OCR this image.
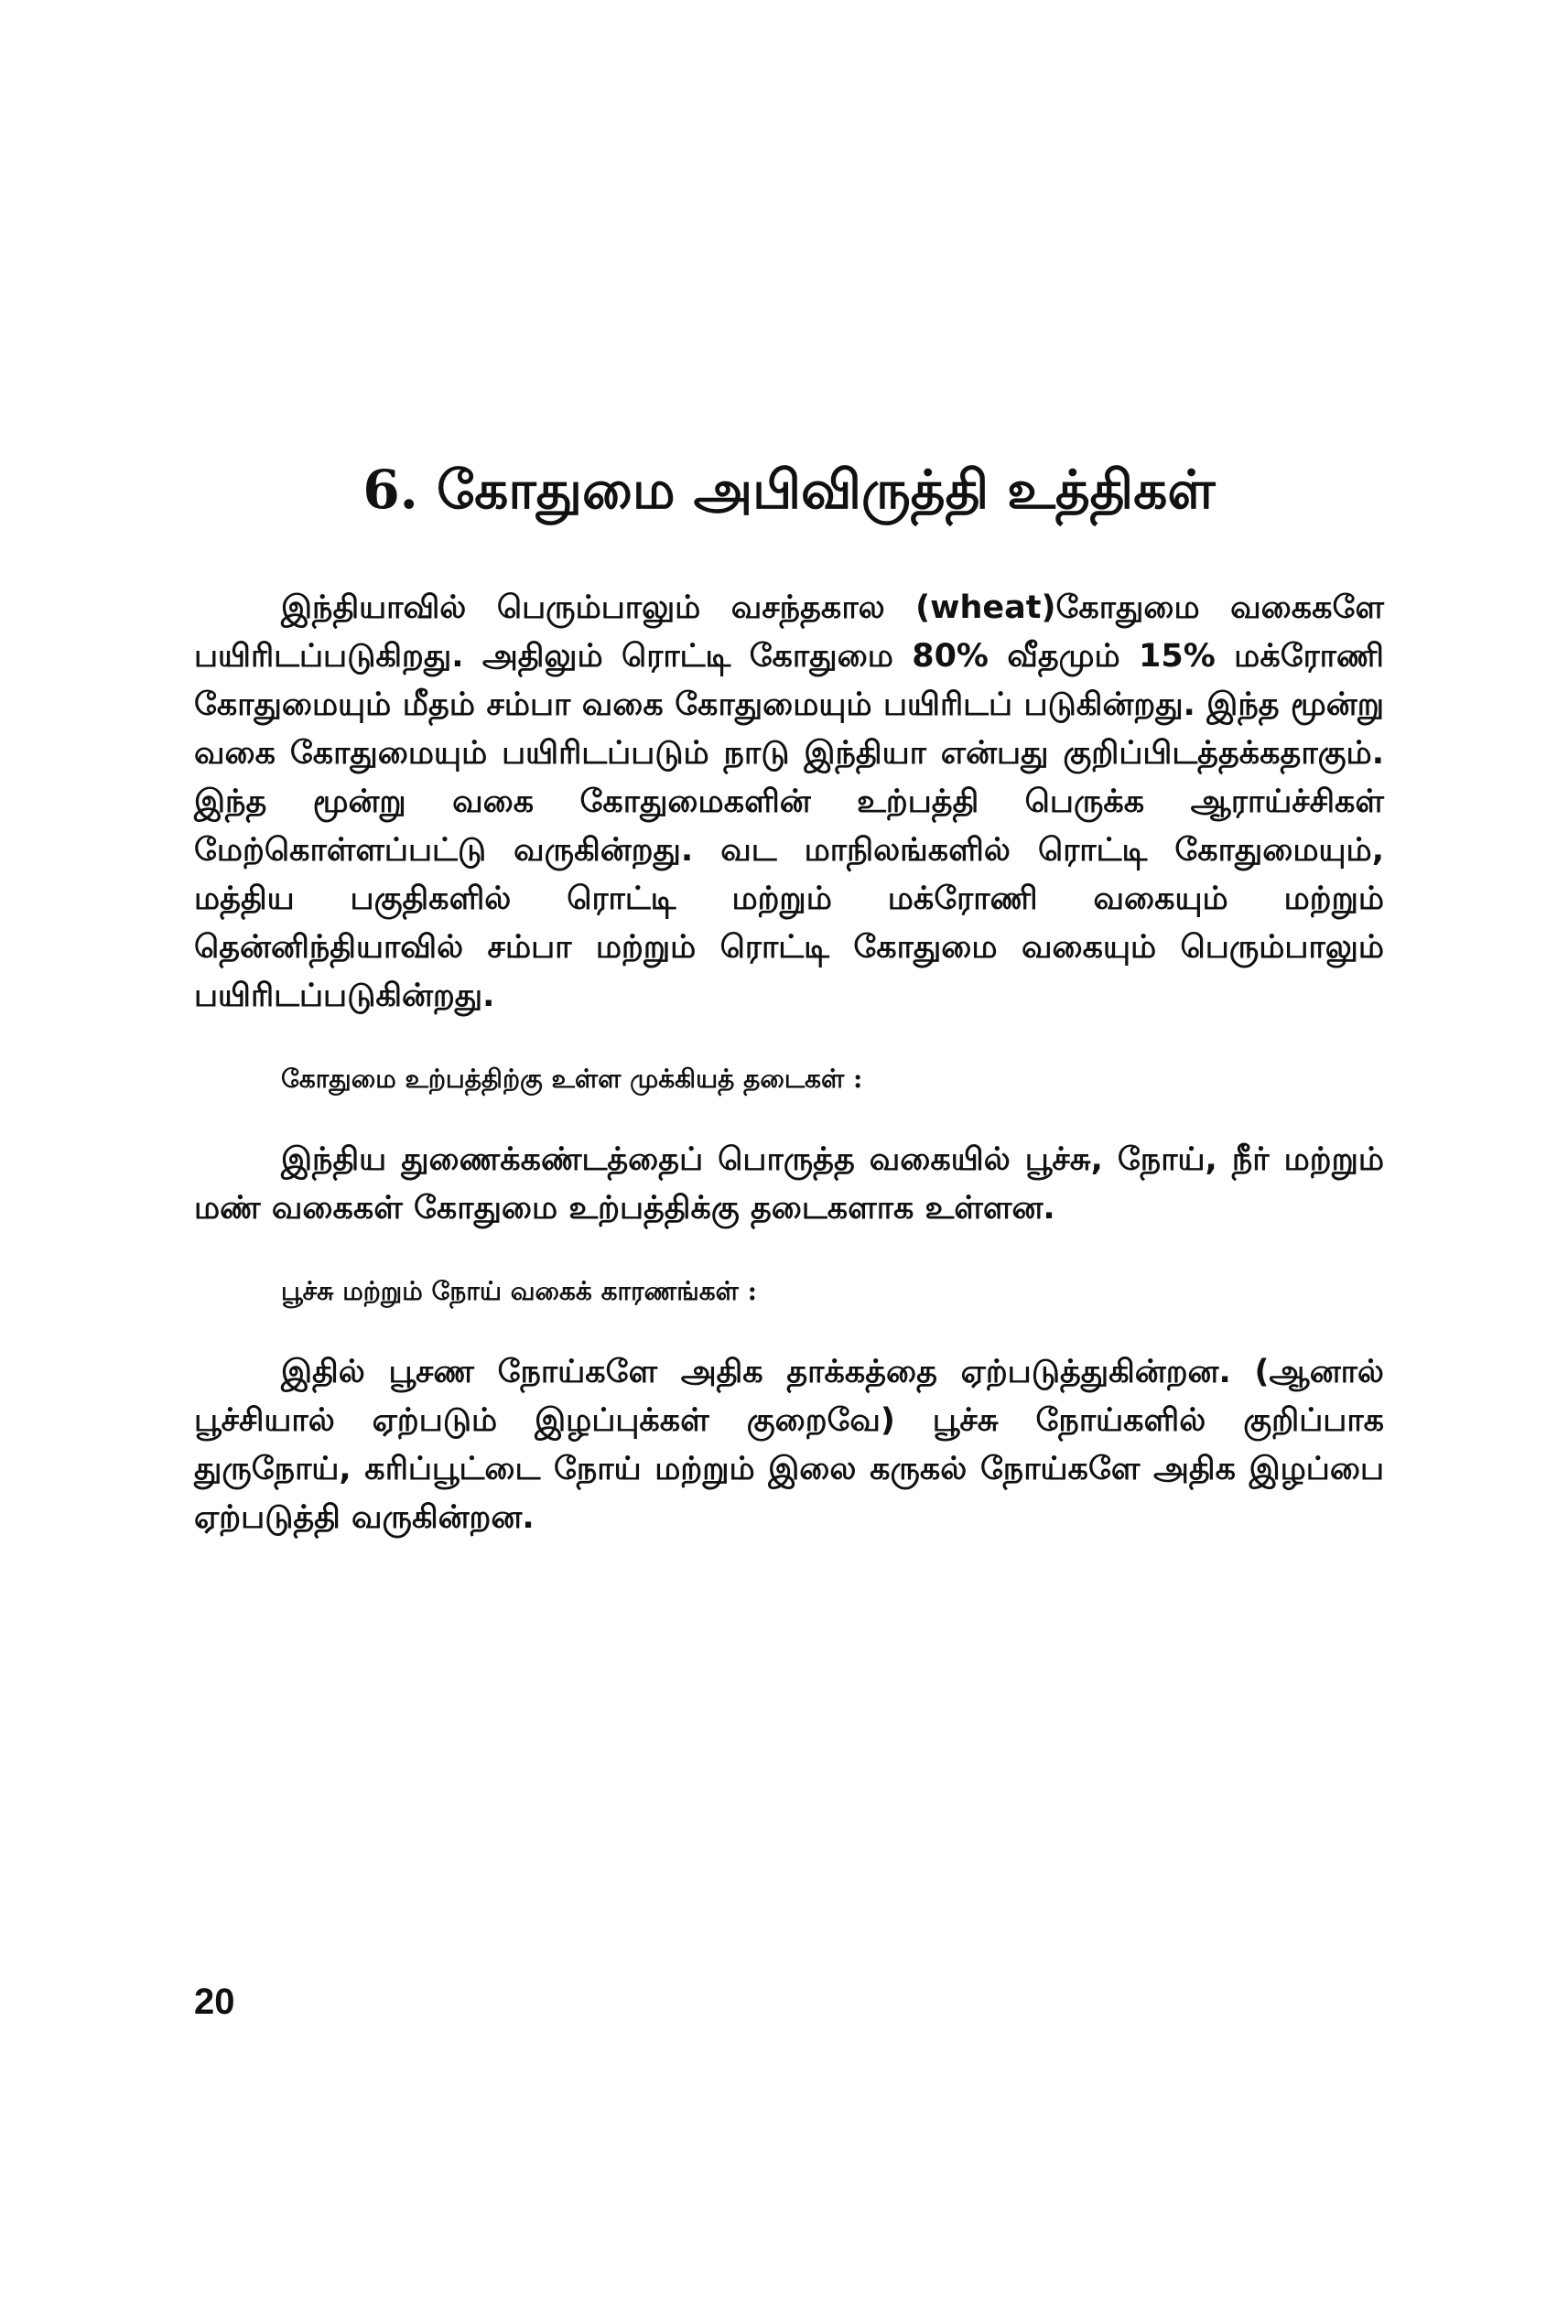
6. கோதுமை அபிவிருத்தி உத்திகள்

இந்தியாவில் பெரும்பாலும் வசந்தகால (wheat)கோதுமை வகைகளே பயிரிடப்படுகிறது. அதிலும் ரொட்டி கோதுமை 80% வீதமும் 15% மக்ரோணி கோதுமையும் மீதம் சம்பா வகை கோதுமையும் பயிரிடப் படுகின்றது. இந்த மூன்று வகை கோதுமையும் பயிரிடப்படும் நாடு இந்தியா என்பது குறிப்பிடத்தக்கதாகும். இந்த மூன்று வகை கோதுமைகளின் உற்பத்தி பெருக்க ஆராய்ச்சிகள் மேற்கொள்ளப்பட்டு வருகின்றது. வட மாநிலங்களில் ரொட்டி கோதுமையும், மத்திய பகுதிகளில் ரொட்டி மற்றும் மக்ரோணி வகையும் மற்றும் தென்னிந்தியாவில் சம்பா மற்றும் ரொட்டி கோதுமை வகையும் பெரும்பாலும் பயிரிடப்படுகின்றது.

கோதுமை உற்பத்திற்கு உள்ள முக்கியத் தடைகள் :

இந்திய துணைக்கண்டத்தைப் பொருத்த வகையில் பூச்சு, நோய், நீர் மற்றும் மண் வகைகள் கோதுமை உற்பத்திக்கு தடைகளாக உள்ளன.

பூச்சு மற்றும் நோய் வகைக் காரணங்கள் :

இதில் பூசண நோய்களே அதிக தாக்கத்தை ஏற்படுத்துகின்றன. (ஆனால் பூச்சியால் ஏற்படும் இழப்புக்கள் குறைவே) பூச்சு நோய்களில் குறிப்பாக துருநோய், கரிப்பூட்டை நோய் மற்றும் இலை கருகல் நோய்களே அதிக இழப்பை ஏற்படுத்தி வருகின்றன.

20
